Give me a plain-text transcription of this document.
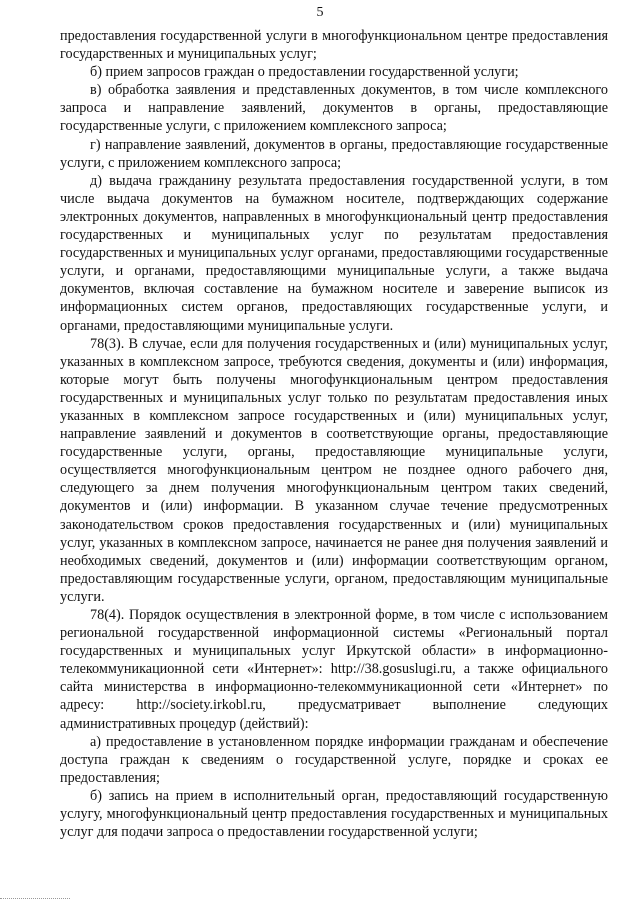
5

предоставления государственной услуги в многофункциональном центре предоставления государственных и муниципальных услуг;

б) прием запросов граждан о предоставлении государственной услуги;

в) обработка заявления и представленных документов, в том числе комплексного запроса и направление заявлений, документов в органы, предоставляющие государственные услуги, с приложением комплексного запроса;

г) направление заявлений, документов в органы, предоставляющие государственные услуги, с приложением комплексного запроса;

д) выдача гражданину результата предоставления государственной услуги, в том числе выдача документов на бумажном носителе, подтверждающих содержание электронных документов, направленных в многофункциональный центр предоставления государственных и муниципальных услуг по результатам предоставления государственных и муниципальных услуг органами, предоставляющими государственные услуги, и органами, предоставляющими муниципальные услуги, а также выдача документов, включая составление на бумажном носителе и заверение выписок из информационных систем органов, предоставляющих государственные услуги, и органами, предоставляющими муниципальные услуги.

78(3). В случае, если для получения государственных и (или) муниципальных услуг, указанных в комплексном запросе, требуются сведения, документы и (или) информация, которые могут быть получены многофункциональным центром предоставления государственных и муниципальных услуг только по результатам предоставления иных указанных в комплексном запросе государственных и (или) муниципальных услуг, направление заявлений и документов в соответствующие органы, предоставляющие государственные услуги, органы, предоставляющие муниципальные услуги, осуществляется многофункциональным центром не позднее одного рабочего дня, следующего за днем получения многофункциональным центром таких сведений, документов и (или) информации. В указанном случае течение предусмотренных законодательством сроков предоставления государственных и (или) муниципальных услуг, указанных в комплексном запросе, начинается не ранее дня получения заявлений и необходимых сведений, документов и (или) информации соответствующим органом, предоставляющим государственные услуги, органом, предоставляющим муниципальные услуги.

78(4). Порядок осуществления в электронной форме, в том числе с использованием региональной государственной информационной системы «Региональный портал государственных и муниципальных услуг Иркутской области» в информационно-телекоммуникационной сети «Интернет»: http://38.gosuslugi.ru, а также официального сайта министерства в информационно-телекоммуникационной сети «Интернет» по адресу: http://society.irkobl.ru, предусматривает выполнение следующих административных процедур (действий):

а) предоставление в установленном порядке информации гражданам и обеспечение доступа граждан к сведениям о государственной услуге, порядке и сроках ее предоставления;

б) запись на прием в исполнительный орган, предоставляющий государственную услугу, многофункциональный центр предоставления государственных и муниципальных услуг для подачи запроса о предоставлении государственной услуги;
